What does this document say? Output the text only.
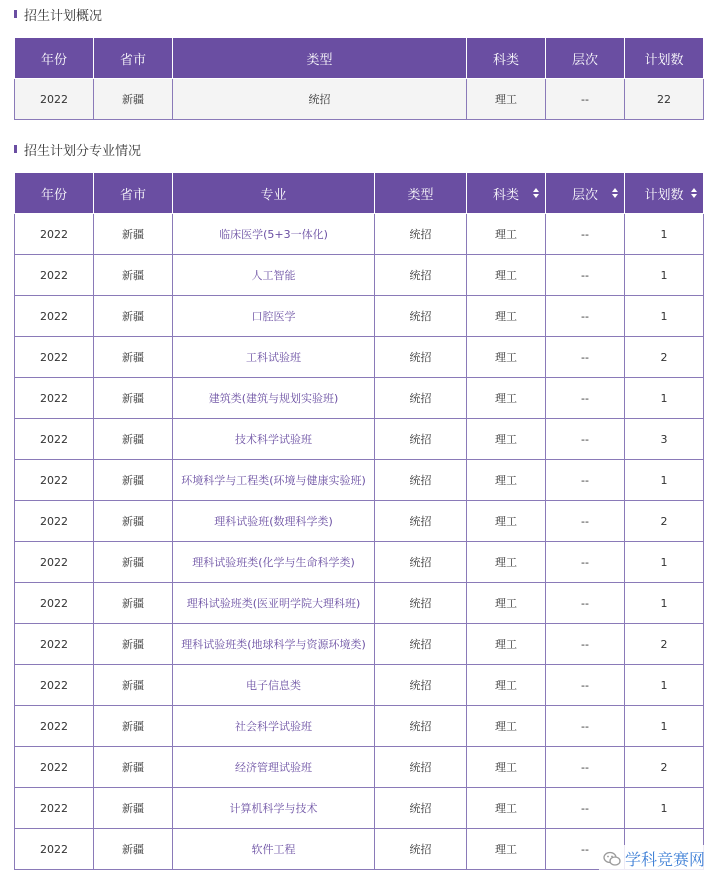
招生计划概况
年份	省市	类型	科类	层次	计划数
2022	新疆	统招	理工	--	22
招生计划分专业情况
年份	省市	专业	类型	科类	层次	计划数

2022	新疆	临床医学(5+3一体化)	统招	理工	--	1
2022	新疆	人工智能	统招	理工	--	1
2022	新疆	口腔医学	统招	理工	--	1
2022	新疆	工科试验班	统招	理工	--	2
2022	新疆	建筑类(建筑与规划实验班)	统招	理工	--	1
2022	新疆	技术科学试验班	统招	理工	--	3
2022	新疆	环境科学与工程类(环境与健康实验班)	统招	理工	--	1
2022	新疆	理科试验班(数理科学类)	统招	理工	--	2
2022	新疆	理科试验班类(化学与生命科学类)	统招	理工	--	1
2022	新疆	理科试验班类(医亚明学院大理科班)	统招	理工	--	1
2022	新疆	理科试验班类(地球科学与资源环境类)	统招	理工	--	2
2022	新疆	电子信息类	统招	理工	--	1
2022	新疆	社会科学试验班	统招	理工	--	1
2022	新疆	经济管理试验班	统招	理工	--	2
2022	新疆	计算机科学与技术	统招	理工	--	1
2022	新疆	软件工程	统招	理工	--	
学科竞赛网
